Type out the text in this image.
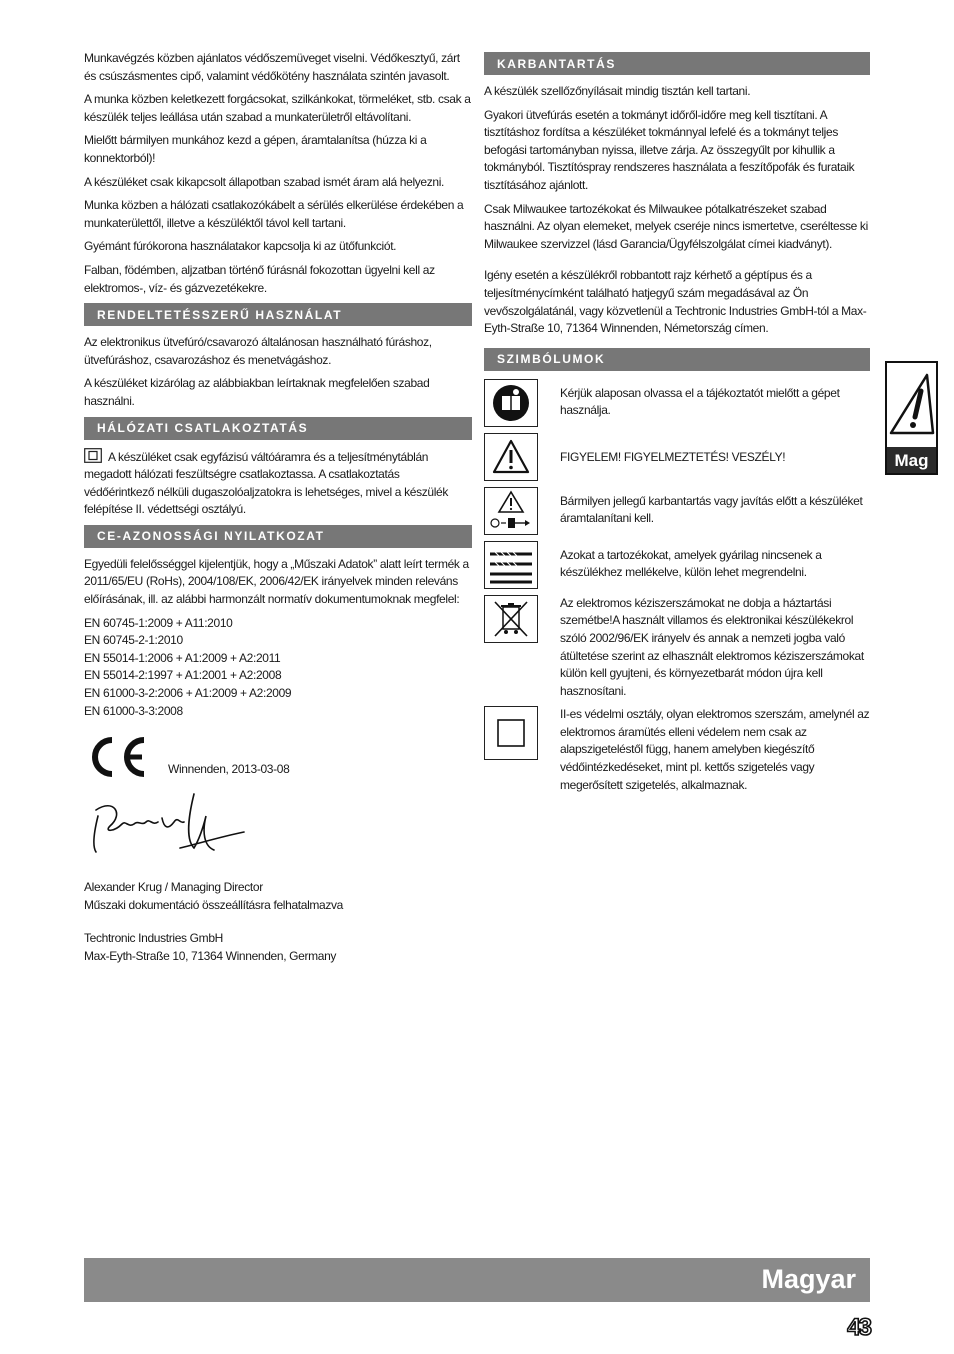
Munkavégzés közben ajánlatos védőszemüveget viselni. Védőkesztyű, zárt és csúszásmentes cipő, valamint védőkötény használata szintén javasolt.

A munka közben keletkezett forgácsokat, szilkánkokat, törmeléket, stb. csak a készülék teljes leállása után szabad a munkaterületről eltávolítani.

Mielőtt bármilyen munkához kezd a gépen, áramtalanítsa (húzza ki a konnektorból)!

A készüléket csak kikapcsolt állapotban szabad ismét áram alá helyezni.

Munka közben a hálózati csatlakozókábelt a sérülés elkerülése érdekében a munkaterülettől, illetve a készüléktől távol kell tartani.

Gyémánt fúrókorona használatakor kapcsolja ki az ütőfunkciót.

Falban, födémben, aljzatban történő fúrásnál fokozottan ügyelni kell az elektromos-, víz- és gázvezetékekre.

RENDELTETÉSSZERŰ HASZNÁLAT

Az elektronikus ütvefúró/csavarozó általánosan használható fúráshoz, ütvefúráshoz, csavarozáshoz és menetvágáshoz.

A készüléket kizárólag az alábbiakban leírtaknak megfelelően szabad használni.

HÁLÓZATI CSATLAKOZTATÁS

A készüléket csak egyfázisú váltóáramra és a teljesítménytáblán megadott hálózati feszültségre csatlakoztassa. A csatlakoztatás védőérintkező nélküli dugaszolóaljzatokra is lehetséges, mivel a készülék felépítése II. védettségi osztályú.

CE-AZONOSSÁGI NYILATKOZAT

Egyedüli felelősséggel kijelentjük, hogy a „Műszaki Adatok” alatt leírt termék a 2011/65/EU (RoHs), 2004/108/EK, 2006/42/EK irányelvek minden releváns előírásának, ill. az alábbi harmonzált normatív dokumentumoknak megfelel:

EN 60745-1:2009 + A11:2010

EN 60745-2-1:2010

EN 55014-1:2006 + A1:2009 + A2:2011

EN 55014-2:1997 + A1:2001 + A2:2008

EN 61000-3-2:2006 + A1:2009 + A2:2009

EN 61000-3-3:2008

Winnenden, 2013-03-08

Alexander Krug / Managing Director
Műszaki dokumentáció összeállításra felhatalmazva

Techtronic Industries GmbH
Max-Eyth-Straße 10, 71364 Winnenden, Germany

KARBANTARTÁS

A készülék szellőzőnyílásait mindig tisztán kell tartani.

Gyakori ütvefúrás esetén a tokmányt időről-időre meg kell tisztítani. A tisztításhoz fordítsa a készüléket tokmánnyal lefelé és a tokmányt teljes befogási tartományban nyissa, illetve zárja. Az összegyűlt por kihullik a tokmányból. Tisztítóspray rendszeres használata a feszítőpofák és furataik tisztításához ajánlott.

Csak Milwaukee tartozékokat és Milwaukee pótalkatrészeket szabad használni. Az olyan elemeket, melyek cseréje nincs ismertetve, cseréltesse ki Milwaukee szervizzel (lásd Garancia/Ügyfélszolgálat címei kiadványt).

Igény esetén a készülékről robbantott rajz kérhető a géptípus és a teljesítménycímként található hatjegyű szám megadásával az Ön vevőszolgálatánál, vagy közvetlenül a Techtronic Industries GmbH-tól a Max-Eyth-Straße 10, 71364 Winnenden, Németország címen.

SZIMBÓLUMOK

Kérjük alaposan olvassa el a tájékoztatót mielőtt a gépet használja.

FIGYELEM! FIGYELMEZTETÉS! VESZÉLY!

Bármilyen jellegű karbantartás vagy javítás előtt a készüléket áramtalanítani kell.

Azokat a tartozékokat, amelyek gyárilag nincsenek a készülékhez mellékelve, külön lehet megrendelni.

Az elektromos kéziszerszámokat ne dobja a háztartási szemétbe!A használt villamos és elektronikai készülékekrol szóló 2002/96/EK irányelv és annak a nemzeti jogba való átültetése szerint az elhasznált elektromos kéziszerszámokat külön kell gyujteni, és környezetbarát módon újra kell hasznosítani.

II-es védelmi osztály, olyan elektromos szerszám, amelynél az elektromos áramütés elleni védelem nem csak az alapszigeteléstől függ, hanem amelyben kiegészítő védőintézkedéseket, mint pl. kettős szigetelés vagy megerősített szigetelés, alkalmaznak.

Mag
Magyar
43
